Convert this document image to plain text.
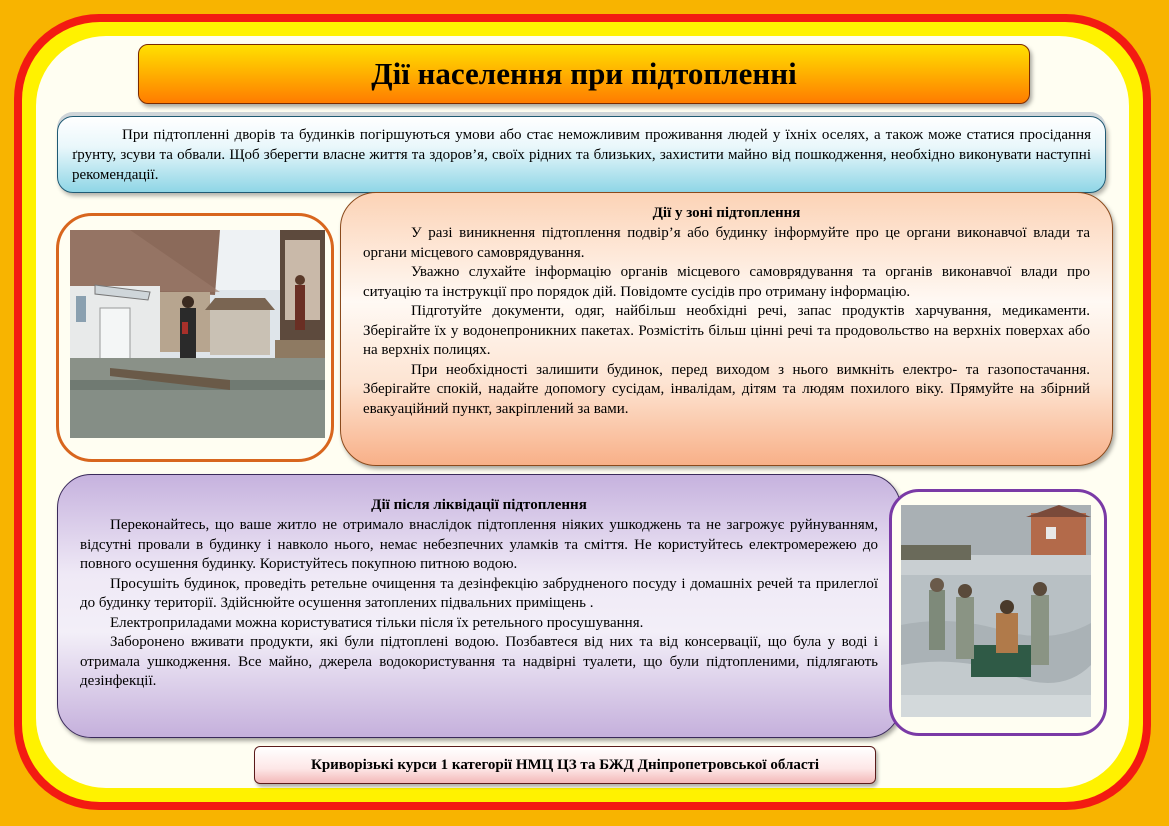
Дії населення при підтопленні

При підтопленні дворів та будинків погіршуються умови або стає неможливим проживання людей у їхніх оселях, а також може статися просідання ґрунту, зсуви та обвали. Щоб зберегти власне життя та здоров’я, своїх рідних та близьких, захистити майно від пошкодження, необхідно виконувати наступні рекомендації.

Дії у зоні підтоплення

У разі виникнення підтоплення подвір’я або будинку інформуйте про це органи виконавчої влади та органи місцевого самоврядування.

Уважно слухайте інформацію органів місцевого самоврядування та органів виконавчої влади про ситуацію та інструкції про порядок дій. Повідомте сусідів про отриману інформацію.

Підготуйте документи, одяг, найбільш необхідні речі, запас продуктів харчування, медикаменти. Зберігайте їх у водонепроникних пакетах. Розмістіть більш цінні речі та продовольство на верхніх поверхах або на верхніх полицях.

При необхідності залишити будинок, перед виходом з нього вимкніть електро- та газопостачання. Зберігайте спокій, надайте допомогу сусідам, інвалідам, дітям та людям похилого віку. Прямуйте на збірний евакуаційний пункт, закріплений за вами.

Дії після ліквідації підтоплення

Переконайтесь, що ваше житло не отримало внаслідок підтоплення ніяких ушкоджень та не загрожує руйнуванням, відсутні провали в будинку і навколо нього, немає небезпечних уламків та сміття. Не користуйтесь електромережею до повного осушення будинку. Користуйтесь покупною питною водою.

Просушіть будинок, проведіть ретельне очищення та дезінфекцію забрудненого посуду і домашніх речей та прилеглої до будинку території. Здійснюйте осушення затоплених підвальних приміщень .

Електроприладами можна користуватися тільки після їх ретельного просушування.

Заборонено вживати продукти, які були підтоплені водою. Позбавтеся від них та від консервації, що була у воді і отримала ушкодження. Все майно, джерела водокористування та надвірні туалети, що були підтопленими, підлягають дезінфекції.

Криворізькі курси 1 категорії НМЦ ЦЗ та БЖД Дніпропетровської області
